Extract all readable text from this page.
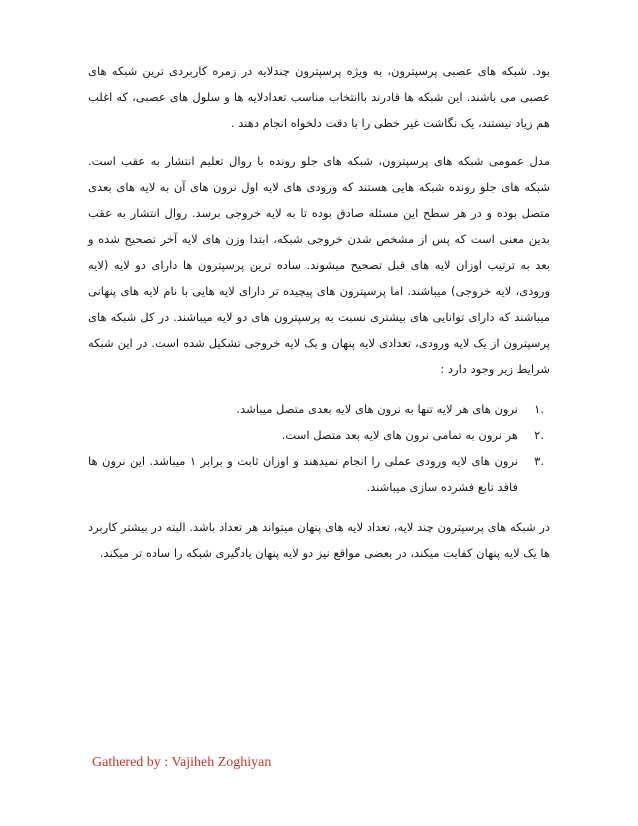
بود. شبکه های عصبی پرسپترون، به ویژه پرسپترون چندلایه در زمره کاربردی ترین شبکه های عصبی می باشند. این شبکه ها قادرند باانتخاب مناسب تعدادلایه ها و سلول های عصبی، که اغلب هم زیاد نیستند، یک نگاشت غیر خطی را با دقت دلخواه انجام دهند .

مدل عمومی شبکه های پرسپترون، شبکه های جلو رونده با روال تعلیم انتشار به عقب است. شبکه های جلو رونده شبکه هایی هستند که ورودی های لایه اول نرون های آن به لایه های بعدی متصل بوده و در هر سطح این مسئله صادق بوده تا به لایه خروجی برسد. روال انتشار به عقب بدین معنی است که پس از مشخص شدن خروجی شبکه، ابتدا وزن های لایه آخر تصحیح شده و بعد به ترتیب اوزان لایه های قبل تصحیح میشوند. ساده ترین پرسپترون ها دارای دو لایه (لایه ورودی، لایه خروجی) میباشند. اما پرسپترون های پیچیده تر دارای لایه هایی با نام لایه های پنهانی میباشند که دارای توانایی های بیشتری نسبت به پرسپترون های دو لایه میباشند. در کل شبکه های پرسپترون از یک لایه ورودی، تعدادی لایه پنهان و یک لایه خروجی تشکیل شده است. در این شبکه شرایط زیر وجود دارد :

.۱
نرون های هر لایه تنها به نرون های لایه بعدی متصل میباشد.
.۲
هر نرون به تمامی نرون های لایه بعد متصل است.
.۳
نرون های لایه ورودی عملی را انجام نمیدهند و اوزان ثابت و برابر ۱ میباشد. این نرون ها فاقد تابع فشرده سازی میباشند.

در شبکه های پرسپترون چند لایه، تعداد لایه های پنهان میتواند هر تعداد باشد. البته در بیشتر کاربرد ها یک لایه پنهان کفایت میکند، در بعضی مواقع نیز دو لایه پنهان یادگیری شبکه را ساده تر میکند.

Gathered by : Vajiheh Zoghiyan
